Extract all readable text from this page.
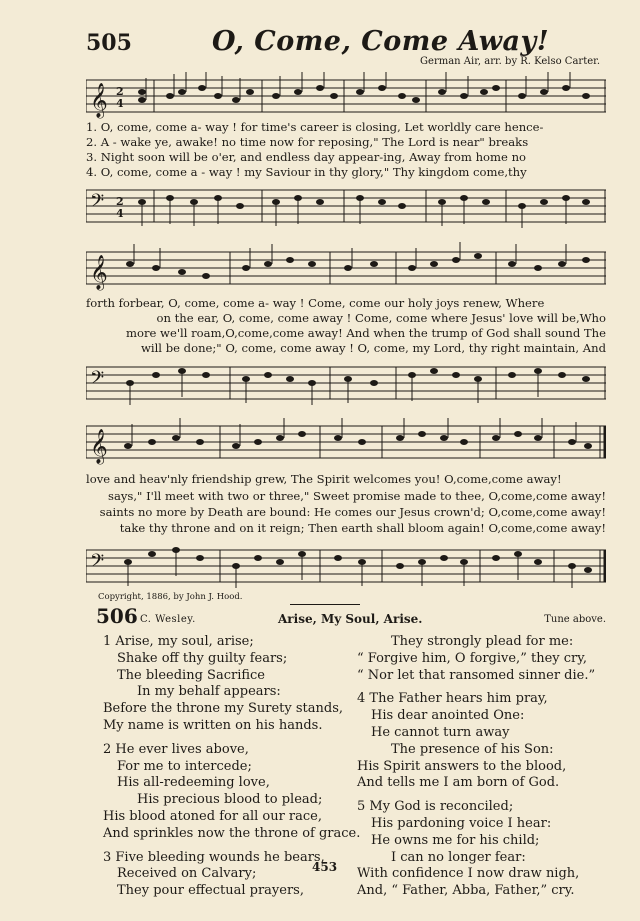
505	O, Come, Come Away!
German Air, arr. by R. Kelso Carter.
𝄞 2
4
1. O, come, come a- way ! for time's career is closing, Let worldly care hence-
2. A - wake ye, awake! no time now for reposing," The Lord is near" breaks
3. Night soon will be o'er, and endless day appear-ing, Away from home no
4. O, come, come a - way ! my Saviour in thy glory," Thy kingdom come,thy
𝄢 2
4
𝄞
forth forbear, O, come, come a- way ! Come, come our holy joys renew, Where
on the ear, O, come, come away ! Come, come where Jesus' love will be,Who
more we'll roam,O,come,come away! And when the trump of God shall sound The
will be done;" O, come, come away ! O, come, my Lord, thy right maintain, And
𝄢
𝄞
love and heav'nly friendship grew, The Spirit welcomes you! O,come,come away!
says," I'll meet with two or three," Sweet promise made to thee, O,come,come away!
saints no more by Death are bound: He comes our Jesus crown'd; O,come,come away!
take thy throne and on it reign; Then earth shall bloom again! O,come,come away!
𝄢
Copyright, 1886, by John J. Hood.
506 C. Wesley.	Arise, My Soul, Arise.	Tune above.
1 Arise, my soul, arise;
Shake off thy guilty fears;
The bleeding Sacrifice
In my behalf appears:
Before the throne my Surety stands,
My name is written on his hands.
2 He ever lives above,
For me to intercede;
His all-redeeming love,
His precious blood to plead;
His blood atoned for all our race,
And sprinkles now the throne of grace.
3 Five bleeding wounds he bears,
Received on Calvary;
They pour effectual prayers,
They strongly plead for me:
“ Forgive him, O forgive,” they cry,
“ Nor let that ransomed sinner die.”
4 The Father hears him pray,
His dear anointed One:
He cannot turn away
The presence of his Son:
His Spirit answers to the blood,
And tells me I am born of God.
5 My God is reconciled;
His pardoning voice I hear:
He owns me for his child;
I can no longer fear:
With confidence I now draw nigh,
And, “ Father, Abba, Father,” cry.
453
